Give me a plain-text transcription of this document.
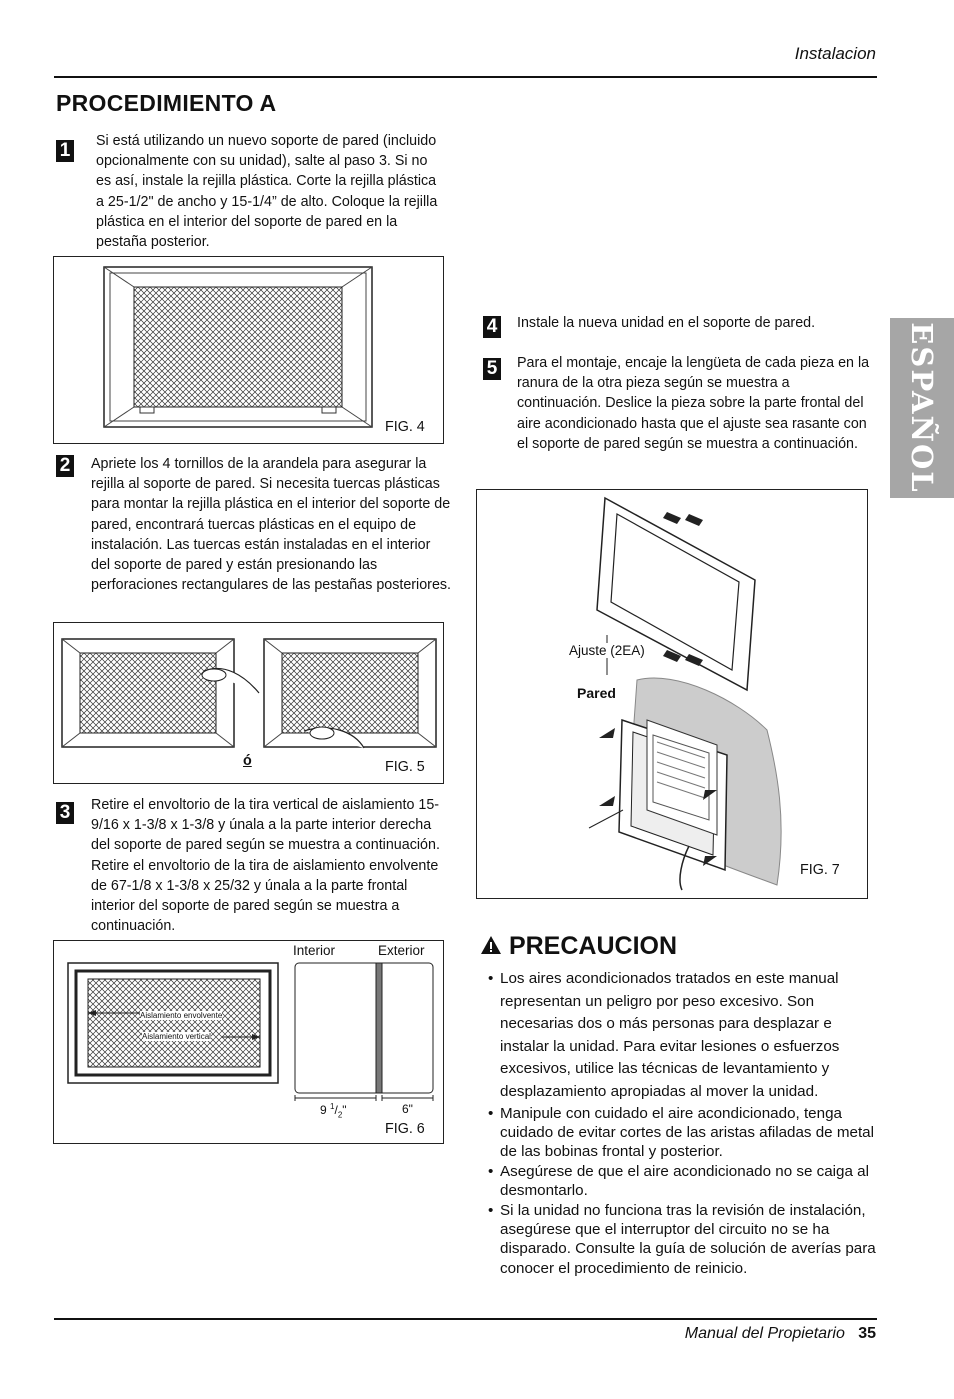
Instalacion
PROCEDIMIENTO A
ESPAÑOL
1 Si está utilizando un nuevo soporte de pared (incluido opcionalmente con su unidad), salte al paso 3. Si no es así, instale la rejilla plástica. Corte la rejilla plástica a 25-1/2" de ancho y 15-1/4” de alto. Coloque la rejilla plástica en el interior del soporte de pared en la pestaña posterior.
FIG. 4
2 Apriete los 4 tornillos de la arandela para asegurar la rejilla al soporte de pared. Si necesita tuercas plásticas para montar la rejilla plástica en el interior del soporte de pared, encontrará tuercas plásticas en el equipo de instalación. Las tuercas están instaladas en el interior del soporte de pared y están presionando las perforaciones rectangulares de las pestañas posteriores.
ó	FIG. 5
3 Retire el envoltorio de la tira vertical de aislamiento 15-9/16 x 1-3/8 x 1-3/8 y únala a la parte interior derecha del soporte de pared según se muestra a continuación. Retire el envoltorio de la tira de aislamiento envolvente de 67-1/8 x 1-3/8 x 25/32 y únala a la parte frontal interior del soporte de pared según se muestra a continuación.
Aislamiento envolvente
Aislamiento vertical
Interior	Exterior
9 $^1/_2$"	6"
FIG. 6
4 Instale la nueva unidad en el soporte de pared.
5 Para el montaje, encaje la lengüeta de cada pieza en la ranura de la otra pieza según se muestra a continuación. Deslice la pieza sobre la parte frontal del aire acondicionado hasta que el ajuste sea rasante con el soporte de pared según se muestra a continuación.
Ajuste (2EA)
Pared
FIG. 7
PRECAUCION
• Los aires acondicionados tratados en este manual representan un peligro por peso excesivo. Son necesarias dos o más personas para desplazar e instalar la unidad. Para evitar lesiones o esfuerzos excesivos, utilice las técnicas de levantamiento y desplazamiento apropiadas al mover la unidad.
• Manipule con cuidado el aire acondicionado, tenga cuidado de evitar cortes de las aristas afiladas de metal de las bobinas frontal y posterior.
• Asegúrese de que el aire acondicionado no se caiga al desmontarlo.
• Si la unidad no funciona tras la revisión de instalación, asegúrese que el interruptor del circuito no se ha disparado. Consulte la guía de solución de averías para conocer el procedimiento de reinicio.
Manual del Propietario 35
